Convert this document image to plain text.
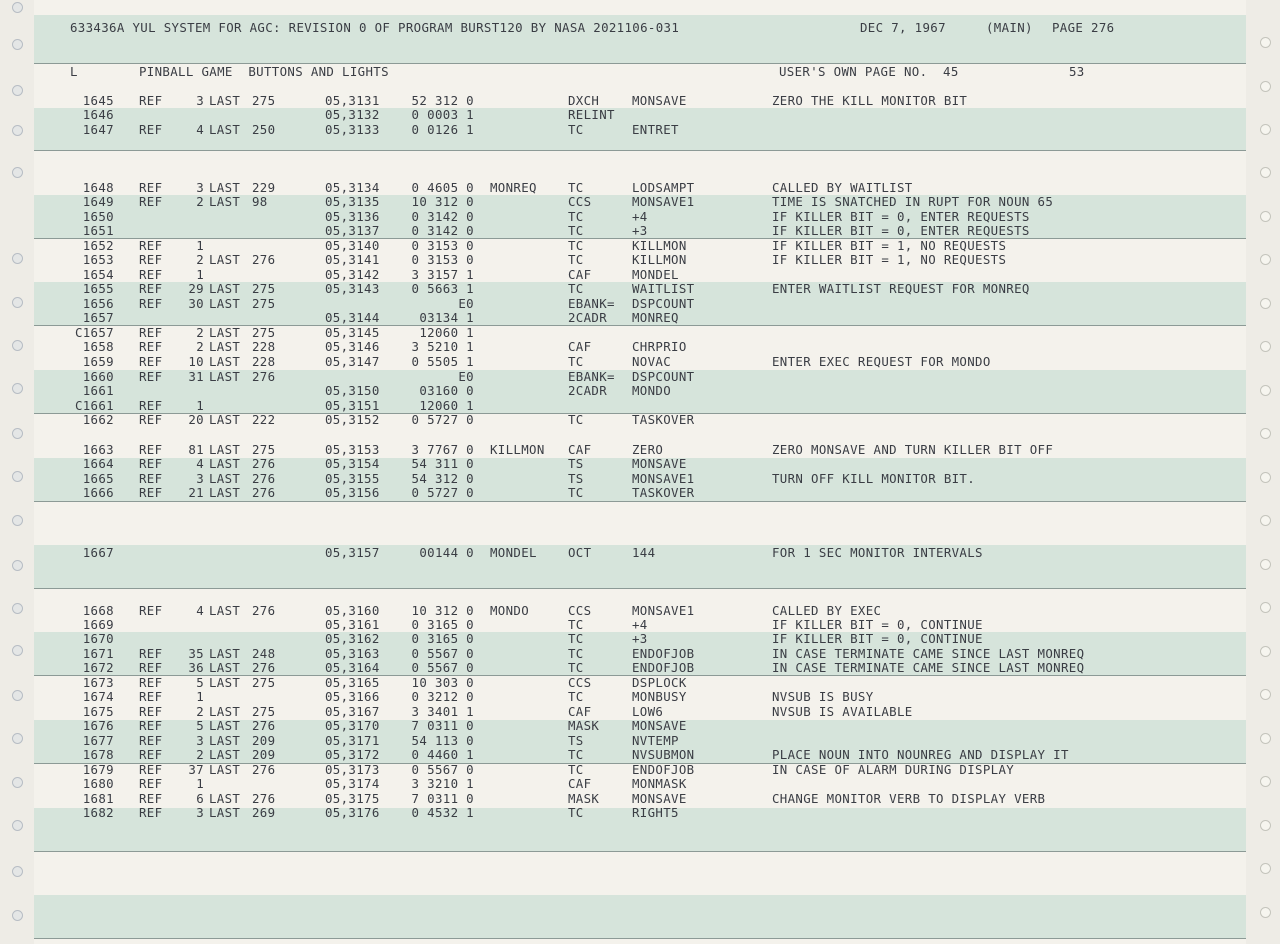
633436A YUL SYSTEM FOR AGC: REVISION 0 OF PROGRAM BURST120 BY NASA 2021106-031	DEC 7, 1967	(MAIN) PAGE 276
L	PINBALL GAME  BUTTONS AND LIGHTS	USER'S OWN PAGE NO.  45	53
1645 REF	3 LAST 275	05,3131	52 312 0	DXCH	MONSAVE	ZERO THE KILL MONITOR BIT
1646	05,3132	0 0003 1	RELINT
1647 REF	4 LAST 250	05,3133	0 0126 1	TC	ENTRET
1648 REF	3 LAST 229	05,3134	0 4605 0 MONREQ	TC	LODSAMPT	CALLED BY WAITLIST
1649 REF	2 LAST 98	05,3135	10 312 0	CCS	MONSAVE1	TIME IS SNATCHED IN RUPT FOR NOUN 65
1650	05,3136	0 3142 0	TC	+4	IF KILLER BIT = 0, ENTER REQUESTS
1651	05,3137	0 3142 0	TC	+3	IF KILLER BIT = 0, ENTER REQUESTS
1652 REF	1	05,3140	0 3153 0	TC	KILLMON	IF KILLER BIT = 1, NO REQUESTS
1653 REF	2 LAST 276	05,3141	0 3153 0	TC	KILLMON	IF KILLER BIT = 1, NO REQUESTS
1654 REF	1	05,3142	3 3157 1	CAF	MONDEL
1655 REF	29 LAST 275	05,3143	0 5663 1	TC	WAITLIST	ENTER WAITLIST REQUEST FOR MONREQ
1656 REF	30 LAST 275	E0	EBANK= DSPCOUNT
1657	05,3144	03134 1	2CADR MONREQ
C1657 REF	2 LAST 275	05,3145	12060 1
1658 REF	2 LAST 228	05,3146	3 5210 1	CAF	CHRPRIO
1659 REF	10 LAST 228	05,3147	0 5505 1	TC	NOVAC	ENTER EXEC REQUEST FOR MONDO
1660 REF	31 LAST 276	E0	EBANK= DSPCOUNT
1661	05,3150	03160 0	2CADR MONDO
C1661 REF	1	05,3151	12060 1
1662 REF	20 LAST 222	05,3152	0 5727 0	TC	TASKOVER
1663 REF	81 LAST 275	05,3153	3 7767 0 KILLMON CAF	ZERO	ZERO MONSAVE AND TURN KILLER BIT OFF
1664 REF	4 LAST 276	05,3154	54 311 0	TS	MONSAVE
1665 REF	3 LAST 276	05,3155	54 312 0	TS	MONSAVE1	TURN OFF KILL MONITOR BIT.
1666 REF	21 LAST 276	05,3156	0 5727 0	TC	TASKOVER
1667	05,3157	00144 0 MONDEL	OCT	144	FOR 1 SEC MONITOR INTERVALS
1668 REF	4 LAST 276	05,3160	10 312 0 MONDO	CCS	MONSAVE1	CALLED BY EXEC
1669	05,3161	0 3165 0	TC	+4	IF KILLER BIT = 0, CONTINUE
1670	05,3162	0 3165 0	TC	+3	IF KILLER BIT = 0, CONTINUE
1671 REF	35 LAST 248	05,3163	0 5567 0	TC	ENDOFJOB	IN CASE TERMINATE CAME SINCE LAST MONREQ
1672 REF	36 LAST 276	05,3164	0 5567 0	TC	ENDOFJOB	IN CASE TERMINATE CAME SINCE LAST MONREQ
1673 REF	5 LAST 275	05,3165	10 303 0	CCS	DSPLOCK
1674 REF	1	05,3166	0 3212 0	TC	MONBUSY	NVSUB IS BUSY
1675 REF	2 LAST 275	05,3167	3 3401 1	CAF	LOW6	NVSUB IS AVAILABLE
1676 REF	5 LAST 276	05,3170	7 0311 0	MASK	MONSAVE
1677 REF	3 LAST 209	05,3171	54 113 0	TS	NVTEMP
1678 REF	2 LAST 209	05,3172	0 4460 1	TC	NVSUBMON	PLACE NOUN INTO NOUNREG AND DISPLAY IT
1679 REF	37 LAST 276	05,3173	0 5567 0	TC	ENDOFJOB	IN CASE OF ALARM DURING DISPLAY
1680 REF	1	05,3174	3 3210 1	CAF	MONMASK
1681 REF	6 LAST 276	05,3175	7 0311 0	MASK	MONSAVE	CHANGE MONITOR VERB TO DISPLAY VERB
1682 REF	3 LAST 269	05,3176	0 4532 1	TC	RIGHT5
